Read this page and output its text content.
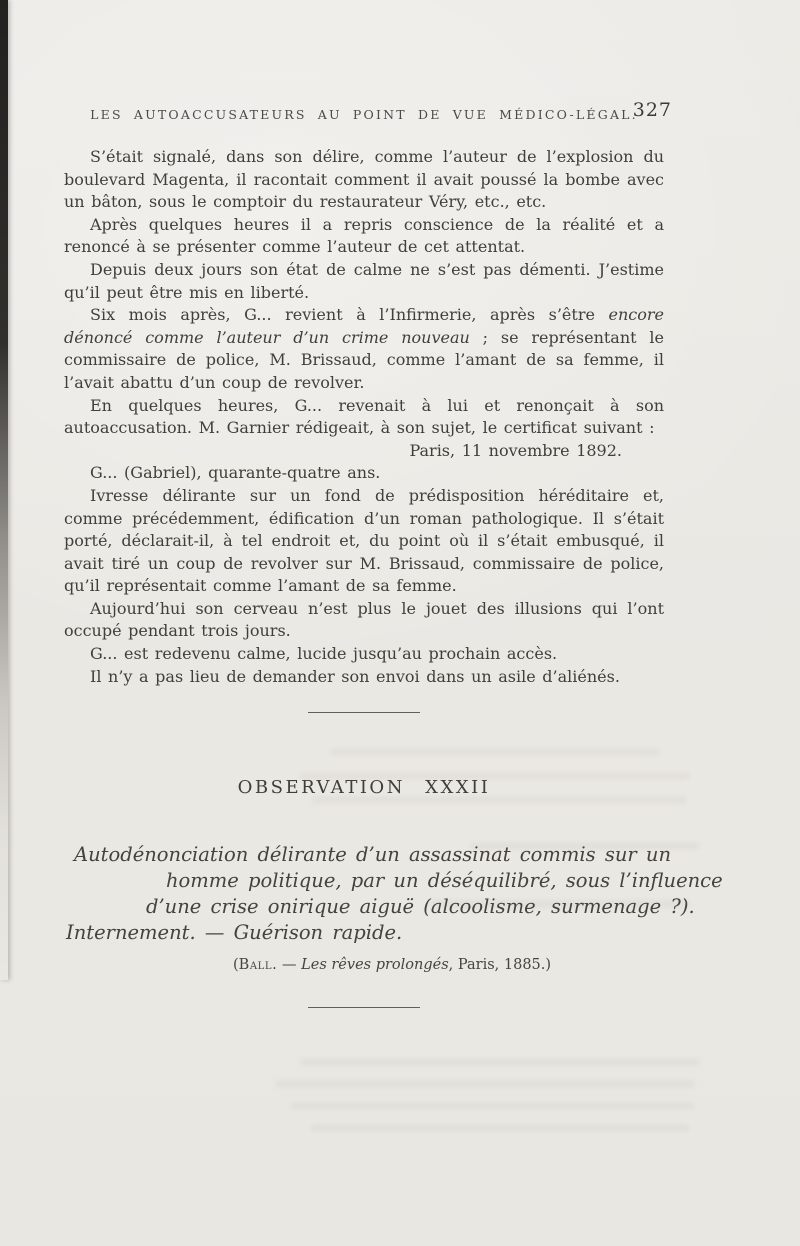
LES AUTOACCUSATEURS AU POINT DE VUE MÉDICO-LÉGAL.
327

S’était signalé, dans son délire, comme l’auteur de l’explosion du boulevard Magenta, il racontait comment il avait poussé la bombe avec un bâton, sous le comptoir du restaurateur Véry, etc., etc.

Après quelques heures il a repris conscience de la réalité et a renoncé à se présenter comme l’auteur de cet attentat.

Depuis deux jours son état de calme ne s’est pas démenti. J’estime qu’il peut être mis en liberté.

Six mois après, G... revient à l’Infirmerie, après s’être encore dénoncé comme l’auteur d’un crime nouveau ; se représentant le commissaire de police, M. Brissaud, comme l’amant de sa femme, il l’avait abattu d’un coup de revolver.

En quelques heures, G... revenait à lui et renonçait à son autoaccusation. M. Garnier rédigeait, à son sujet, le certificat suivant :

Paris, 11 novembre 1892.

G... (Gabriel), quarante-quatre ans.

Ivresse délirante sur un fond de prédisposition héréditaire et, comme précédemment, édification d’un roman pathologique. Il s’était porté, déclarait-il, à tel endroit et, du point où il s’était embusqué, il avait tiré un coup de revolver sur M. Brissaud, commissaire de police, qu’il représentait comme l’amant de sa femme.

Aujourd’hui son cerveau n’est plus le jouet des illusions qui l’ont occupé pendant trois jours.

G... est redevenu calme, lucide jusqu’au prochain accès.

Il n’y a pas lieu de demander son envoi dans un asile d’aliénés.

OBSERVATION XXXII
Autodénonciation délirante d’un assassinat commis sur un
homme politique, par un déséquilibré, sous l’influence
d’une crise onirique aiguë (alcoolisme, surmenage ?).
Internement. — Guérison rapide.
(Ball. — Les rêves prolongés, Paris, 1885.)
